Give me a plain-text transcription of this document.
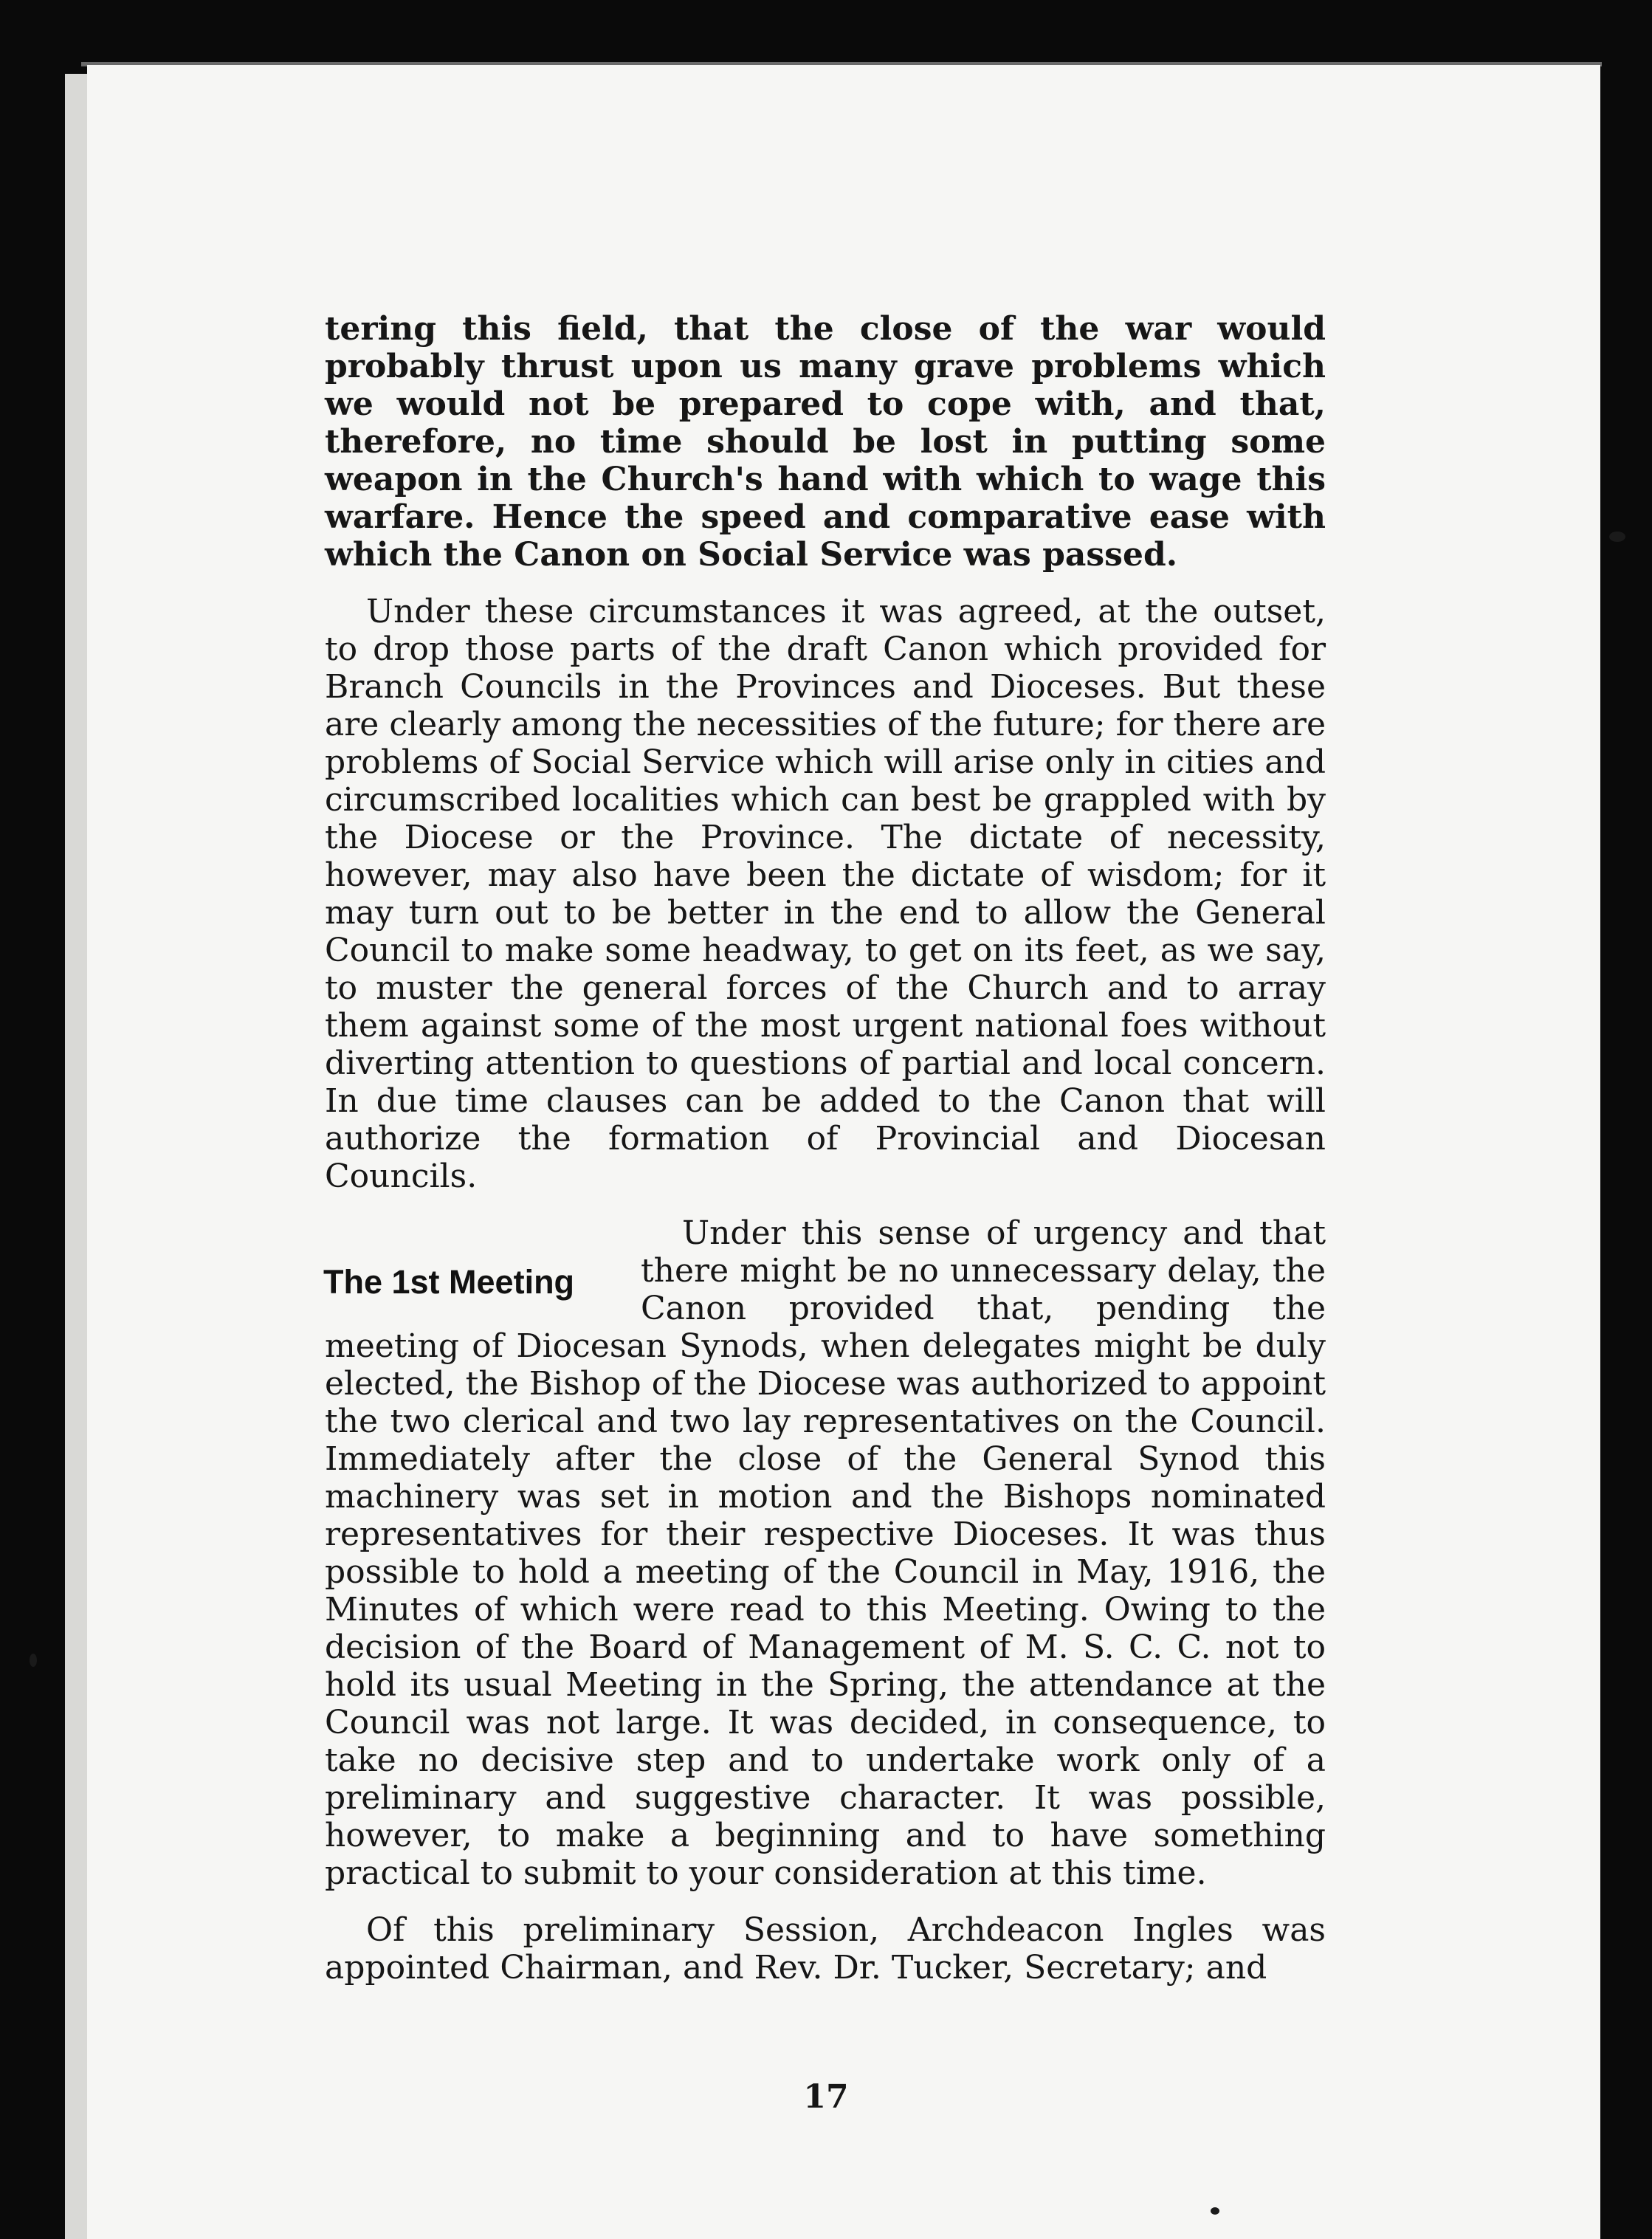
tering this field, that the close of the war would probably thrust upon us many grave problems which we would not be prepared to cope with, and that, therefore, no time should be lost in putting some weapon in the Church's hand with which to wage this warfare. Hence the speed and comparative ease with which the Canon on Social Service was passed.

Under these circumstances it was agreed, at the outset, to drop those parts of the draft Canon which provided for Branch Councils in the Provinces and Dioceses. But these are clearly among the necessities of the future; for there are problems of Social Service which will arise only in cities and circumscribed localities which can best be grappled with by the Diocese or the Province. The dictate of necessity, however, may also have been the dictate of wisdom; for it may turn out to be better in the end to allow the General Council to make some headway, to get on its feet, as we say, to muster the general forces of the Church and to array them against some of the most urgent national foes without diverting attention to questions of partial and local concern. In due time clauses can be added to the Canon that will authorize the formation of Provincial and Diocesan Councils.

The 1st Meeting

Under this sense of urgency and that there might be no unnecessary delay, the Canon provided that, pending the meeting of Diocesan Synods, when delegates might be duly elected, the Bishop of the Diocese was authorized to appoint the two clerical and two lay representatives on the Council. Immediately after the close of the General Synod this machinery was set in motion and the Bishops nominated representatives for their respective Dioceses. It was thus possible to hold a meeting of the Council in May, 1916, the Minutes of which were read to this Meeting. Owing to the decision of the Board of Management of M. S. C. C. not to hold its usual Meeting in the Spring, the attendance at the Council was not large. It was decided, in consequence, to take no decisive step and to undertake work only of a preliminary and suggestive character. It was possible, however, to make a beginning and to have something practical to submit to your consideration at this time.

Of this preliminary Session, Archdeacon Ingles was appointed Chairman, and Rev. Dr. Tucker, Secretary; and

17
